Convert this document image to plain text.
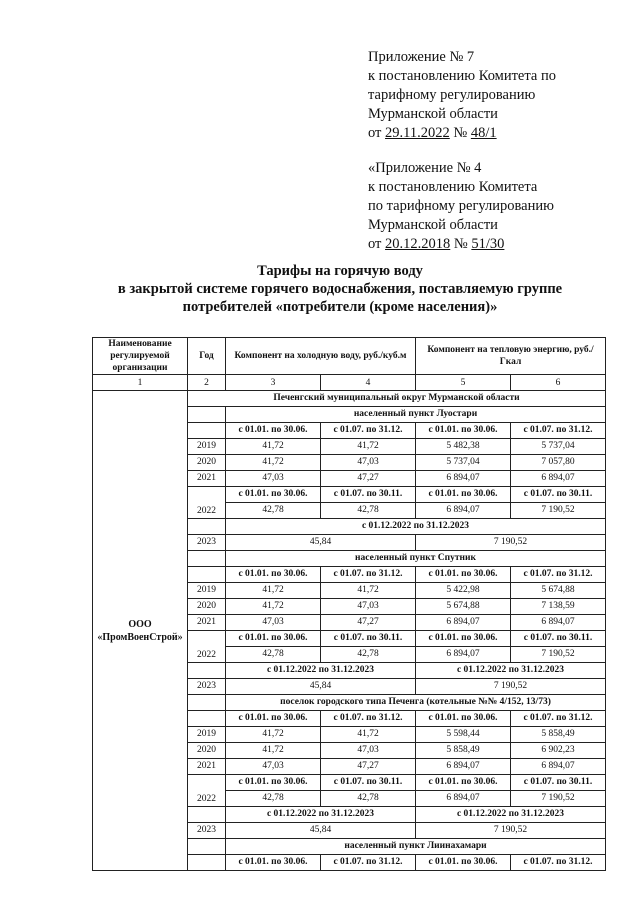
Приложение № 7
к постановлению Комитета по
тарифному регулированию
Мурманской области
от 29.11.2022 № 48/1
«Приложение № 4
к постановлению Комитета
по тарифному регулированию
Мурманской области
от 20.12.2018 № 51/30
Тарифы на горячую воду
в закрытой системе горячего водоснабжения, поставляемую группе
потребителей «потребители (кроме населения)»
Наименование регулируемой организации	Год	Компонент на холодную воду, руб./куб.м		Компонент на тепловую энергию, руб./Гкал	
1	2	3	4	5	6
ООО «ПромВоенСтрой»	Печенгский муниципальный округ Мурманской области				
		населенный пункт Луостари			
		с 01.01. по 30.06.	с 01.07. по 31.12.	с 01.01. по 30.06.	с 01.07. по 31.12.
	2019	41,72	41,72	5 482,38	5 737,04
	2020	41,72	47,03	5 737,04	7 057,80
	2021	47,03	47,27	6 894,07	6 894,07
	2022	с 01.01. по 30.06.	с 01.07. по 30.11.	с 01.01. по 30.06.	с 01.07. по 30.11.
		42,78	42,78	6 894,07	7 190,52
		с 01.12.2022 по 31.12.2023			
	2023	45,84		7 190,52	
		населенный пункт Спутник			
		с 01.01. по 30.06.	с 01.07. по 31.12.	с 01.01. по 30.06.	с 01.07. по 31.12.
	2019	41,72	41,72	5 422,98	5 674,88
	2020	41,72	47,03	5 674,88	7 138,59
	2021	47,03	47,27	6 894,07	6 894,07
	2022	с 01.01. по 30.06.	с 01.07. по 30.11.	с 01.01. по 30.06.	с 01.07. по 30.11.
		42,78	42,78	6 894,07	7 190,52
		с 01.12.2022 по 31.12.2023		с 01.12.2022 по 31.12.2023	
	2023	45,84		7 190,52	
		поселок городского типа Печенга (котельные №№ 4/152, 13/73)			
		с 01.01. по 30.06.	с 01.07. по 31.12.	с 01.01. по 30.06.	с 01.07. по 31.12.
	2019	41,72	41,72	5 598,44	5 858,49
	2020	41,72	47,03	5 858,49	6 902,23
	2021	47,03	47,27	6 894,07	6 894,07
	2022	с 01.01. по 30.06.	с 01.07. по 30.11.	с 01.01. по 30.06.	с 01.07. по 30.11.
		42,78	42,78	6 894,07	7 190,52
		с 01.12.2022 по 31.12.2023		с 01.12.2022 по 31.12.2023	
	2023	45,84		7 190,52	
		населенный пункт Лиинахамари			
		с 01.01. по 30.06.	с 01.07. по 31.12.	с 01.01. по 30.06.	с 01.07. по 31.12.
